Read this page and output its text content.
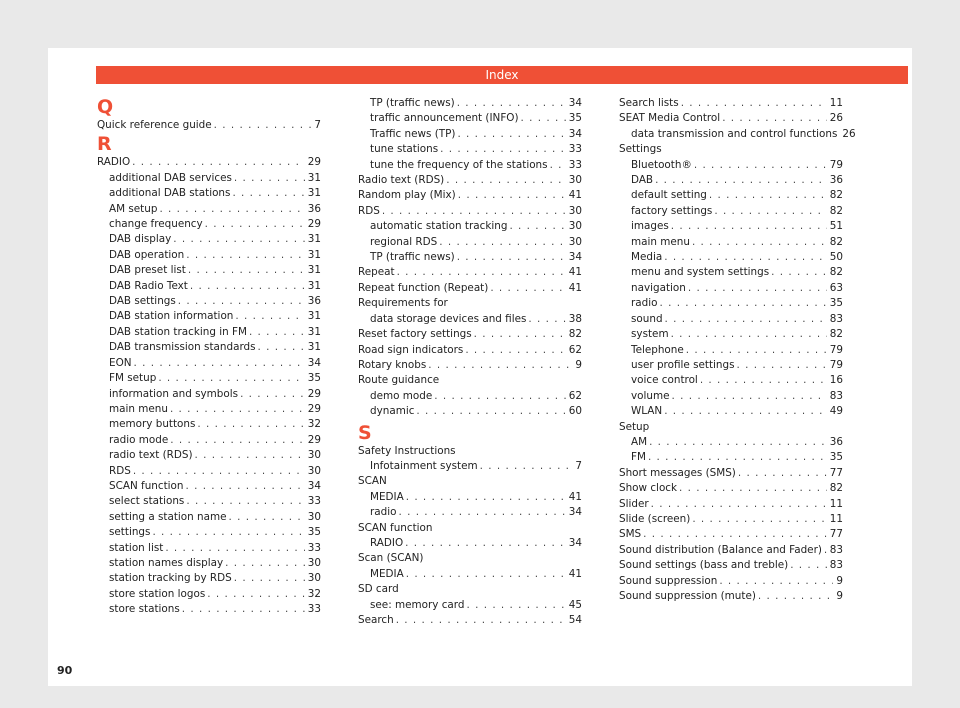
Index
Q
Quick reference guide . . .	7
R
RADIO . . .	29
additional DAB services . . .	31
additional DAB stations . . .	31
AM setup . . .	36
change frequency . . .	29
DAB display . . .	31
DAB operation . . .	31
DAB preset list . . .	31
DAB Radio Text . . .	31
DAB settings . . .	36
DAB station information . . .	31
DAB station tracking in FM . . .	31
DAB transmission standards . . .	31
EON . . .	34
FM setup . . .	35
information and symbols . . .	29
main menu . . .	29
memory buttons . . .	32
radio mode . . .	29
radio text (RDS) . . .	30
RDS . . .	30
SCAN function . . .	34
select stations . . .	33
setting a station name . . .	30
settings . . .	35
station list . . .	33
station names display . . .	30
station tracking by RDS . . .	30
store station logos . . .	32
store stations . . .	33
TP (traffic news) . . .	34
traffic announcement (INFO) . . .	35
Traffic news (TP) . . .	34
tune stations . . .	33
tune the frequency of the stations . . . 33
Radio text (RDS) . . .	30
Random play (Mix) . . .	41
RDS . . .	30
automatic station tracking . . .	30
regional RDS . . .	30
TP (traffic news) . . .	34
Repeat . . .	41
Repeat function (Repeat) . . .	41
Requirements for
data storage devices and files . . .	38
Reset factory settings . . .	82
Road sign indicators . . .	62
Rotary knobs . . .	9
Route guidance
demo mode . . .	62
dynamic . . .	60
S
Safety Instructions
Infotainment system . . .	7
SCAN
MEDIA . . .	41
radio . . .	34
SCAN function
RADIO . . .	34
Scan (SCAN)
MEDIA . . .	41
SD card
see: memory card . . .	45
Search . . .	54
Search lists . . .	11
SEAT Media Control . . .	26
data transmission and control functions 26
Settings
Bluetooth® . . .	79
DAB . . .	36
default setting . . .	82
factory settings . . .	82
images . . .	51
main menu . . .	82
Media . . .	50
menu and system settings . . .	82
navigation . . .	63
radio . . .	35
sound . . .	83
system . . .	82
Telephone . . .	79
user profile settings . . .	79
voice control . . .	16
volume . . .	83
WLAN . . .	49
Setup
AM . . .	36
FM . . .	35
Short messages (SMS) . . .	77
Show clock . . .	82
Slider . . .	11
Slide (screen) . . .	11
SMS . . .	77
Sound distribution (Balance and Fader) . . . 83
Sound settings (bass and treble) . . .	83
Sound suppression . . .	9
Sound suppression (mute) . . .	9
90
